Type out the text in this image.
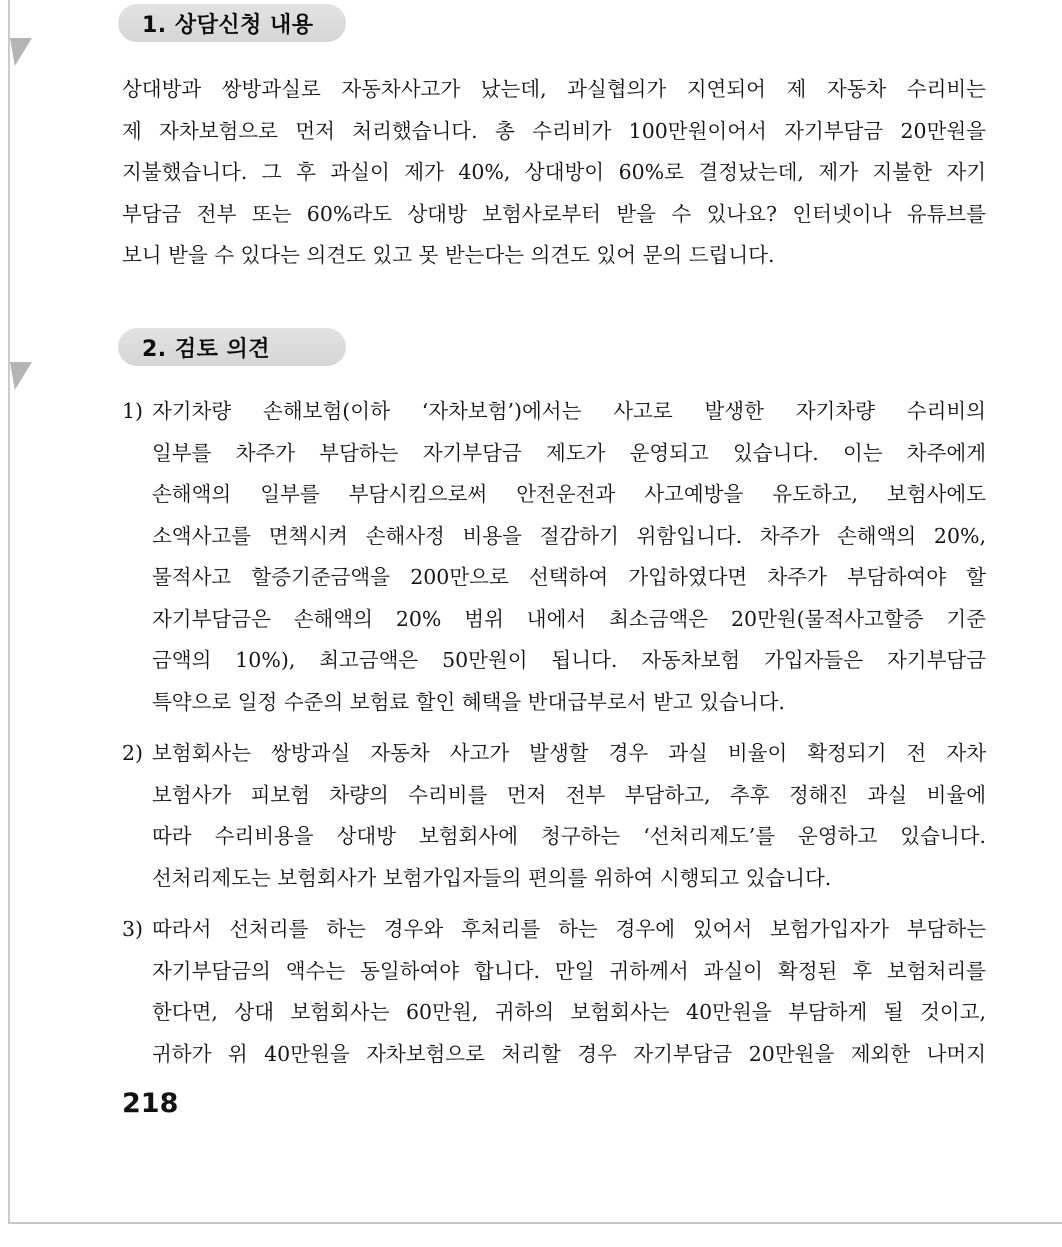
1. 상담신청 내용
상대방과 쌍방과실로 자동차사고가 났는데, 과실협의가 지연되어 제 자동차 수리비는
제 자차보험으로 먼저 처리했습니다. 총 수리비가 100만원이어서 자기부담금 20만원을
지불했습니다. 그 후 과실이 제가 40%, 상대방이 60%로 결정났는데, 제가 지불한 자기
부담금 전부 또는 60%라도 상대방 보험사로부터 받을 수 있나요? 인터넷이나 유튜브를
보니 받을 수 있다는 의견도 있고 못 받는다는 의견도 있어 문의 드립니다.
1) 자기차량 손해보험(이하 ‘자차보험’)에서는 사고로 발생한 자기차량 수리비의
일부를 차주가 부담하는 자기부담금 제도가 운영되고 있습니다. 이는 차주에게
손해액의 일부를 부담시킴으로써 안전운전과 사고예방을 유도하고, 보험사에도
소액사고를 면책시켜 손해사정 비용을 절감하기 위함입니다. 차주가 손해액의 20%,
물적사고 할증기준금액을 200만으로 선택하여 가입하였다면 차주가 부담하여야 할
자기부담금은 손해액의 20% 범위 내에서 최소금액은 20만원(물적사고할증 기준
금액의 10%), 최고금액은 50만원이 됩니다. 자동차보험 가입자들은 자기부담금
특약으로 일정 수준의 보험료 할인 혜택을 반대급부로서 받고 있습니다.
2) 보험회사는 쌍방과실 자동차 사고가 발생할 경우 과실 비율이 확정되기 전 자차
보험사가 피보험 차량의 수리비를 먼저 전부 부담하고, 추후 정해진 과실 비율에
따라 수리비용을 상대방 보험회사에 청구하는 ‘선처리제도’를 운영하고 있습니다.
선처리제도는 보험회사가 보험가입자들의 편의를 위하여 시행되고 있습니다.
3) 따라서 선처리를 하는 경우와 후처리를 하는 경우에 있어서 보험가입자가 부담하는
자기부담금의 액수는 동일하여야 합니다. 만일 귀하께서 과실이 확정된 후 보험처리를
한다면, 상대 보험회사는 60만원, 귀하의 보험회사는 40만원을 부담하게 될 것이고,
귀하가 위 40만원을 자차보험으로 처리할 경우 자기부담금 20만원을 제외한 나머지
2. 검토 의견
218
